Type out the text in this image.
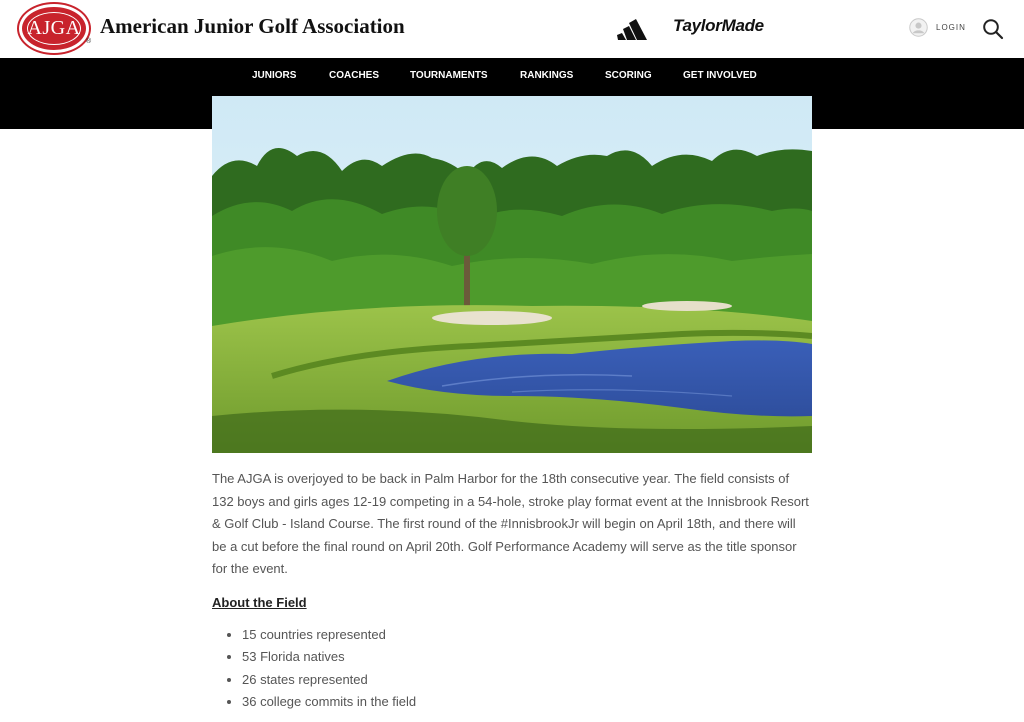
AJGA
®
American Junior Golf Association	TaylorMade	LOGIN
JUNIORS	COACHES	TOURNAMENTS	RANKINGS	SCORING	GET INVOLVED

The AJGA is overjoyed to be back in Palm Harbor for the 18th consecutive year. The field consists of 132 boys and girls ages 12-19 competing in a 54-hole, stroke play format event at the Innisbrook Resort & Golf Club - Island Course. The first round of the #InnisbrookJr will begin on April 18th, and there will be a cut before the final round on April 20th. Golf Performance Academy will serve as the title sponsor for the event.

About the Field
• 15 countries represented
• 53 Florida natives
• 26 states represented
• 36 college commits in the field
